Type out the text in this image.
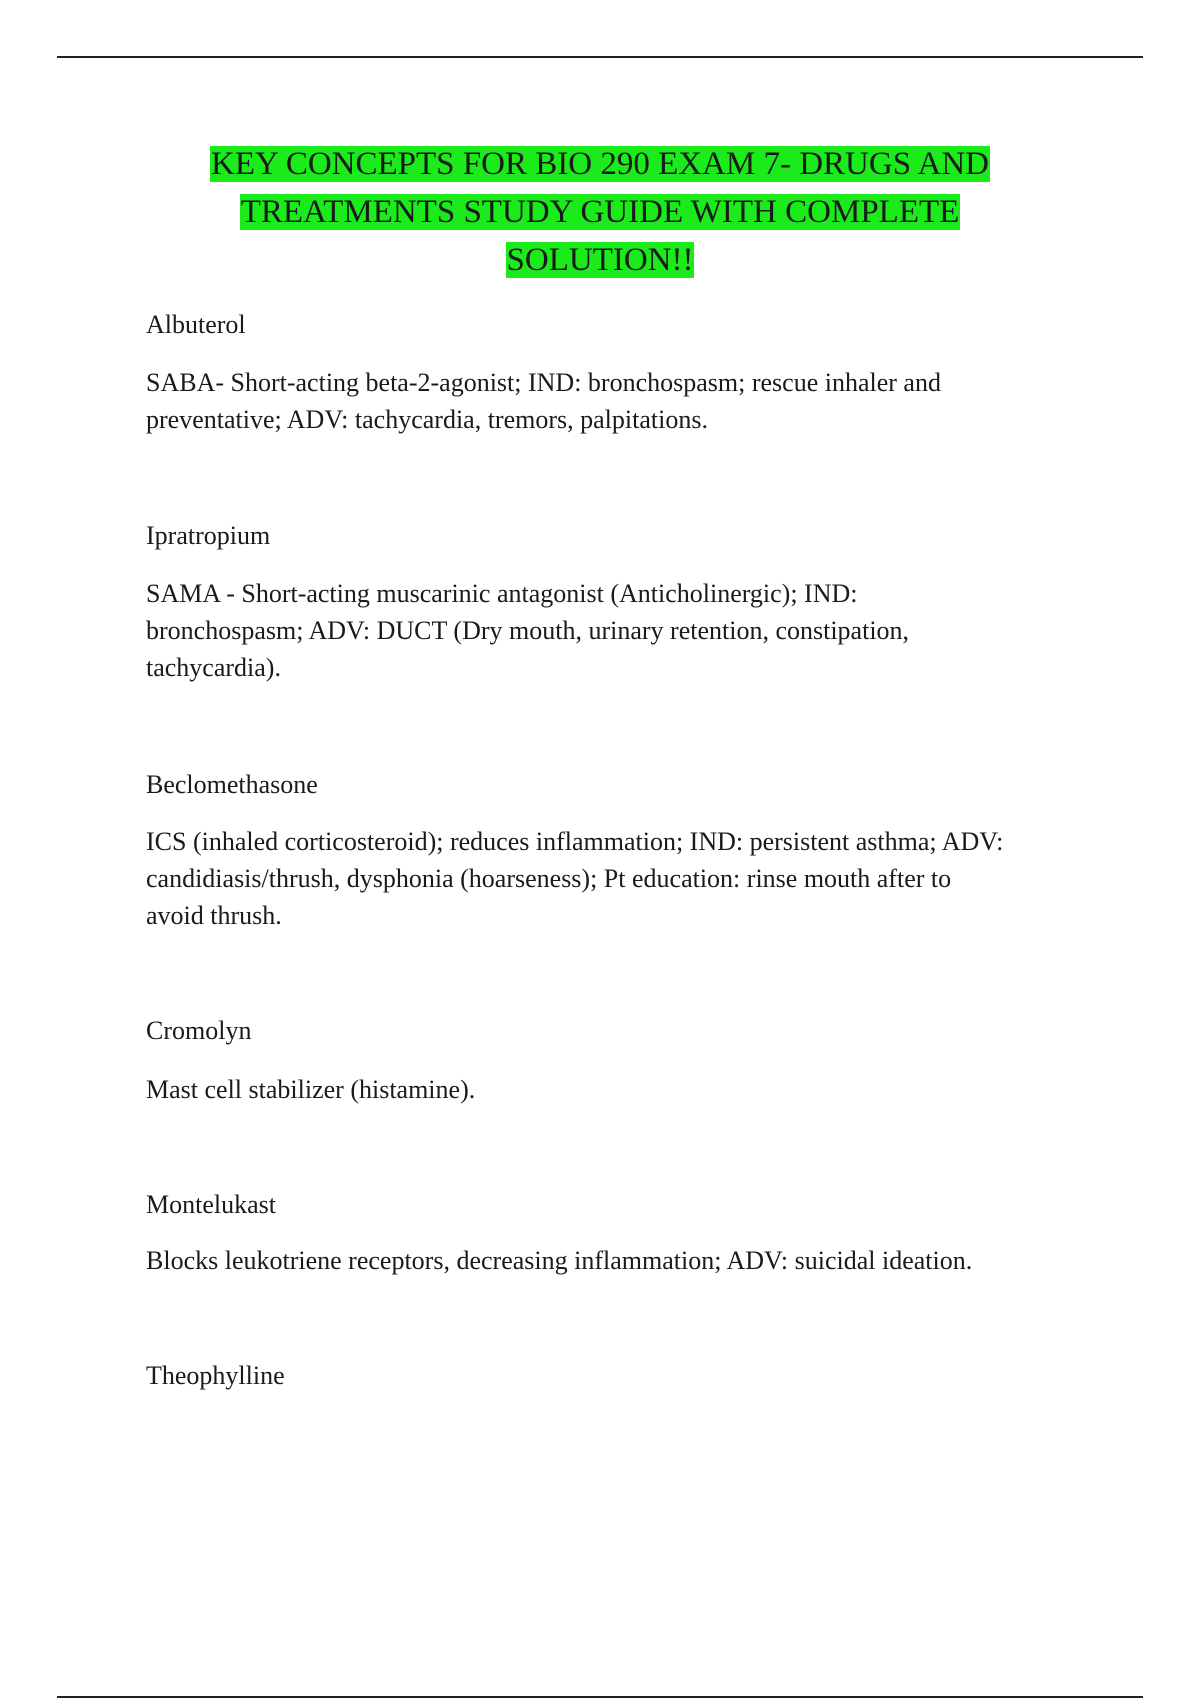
KEY CONCEPTS FOR BIO 290 EXAM 7- DRUGS AND
TREATMENTS STUDY GUIDE WITH COMPLETE
SOLUTION!!
Albuterol
SABA- Short-acting beta-2-agonist; IND: bronchospasm; rescue inhaler and
preventative; ADV: tachycardia, tremors, palpitations.
Ipratropium
SAMA - Short-acting muscarinic antagonist (Anticholinergic); IND:
bronchospasm; ADV: DUCT (Dry mouth, urinary retention, constipation,
tachycardia).
Beclomethasone
ICS (inhaled corticosteroid); reduces inflammation; IND: persistent asthma; ADV:
candidiasis/thrush, dysphonia (hoarseness); Pt education: rinse mouth after to
avoid thrush.
Cromolyn
Mast cell stabilizer (histamine).
Montelukast
Blocks leukotriene receptors, decreasing inflammation; ADV: suicidal ideation.
Theophylline
